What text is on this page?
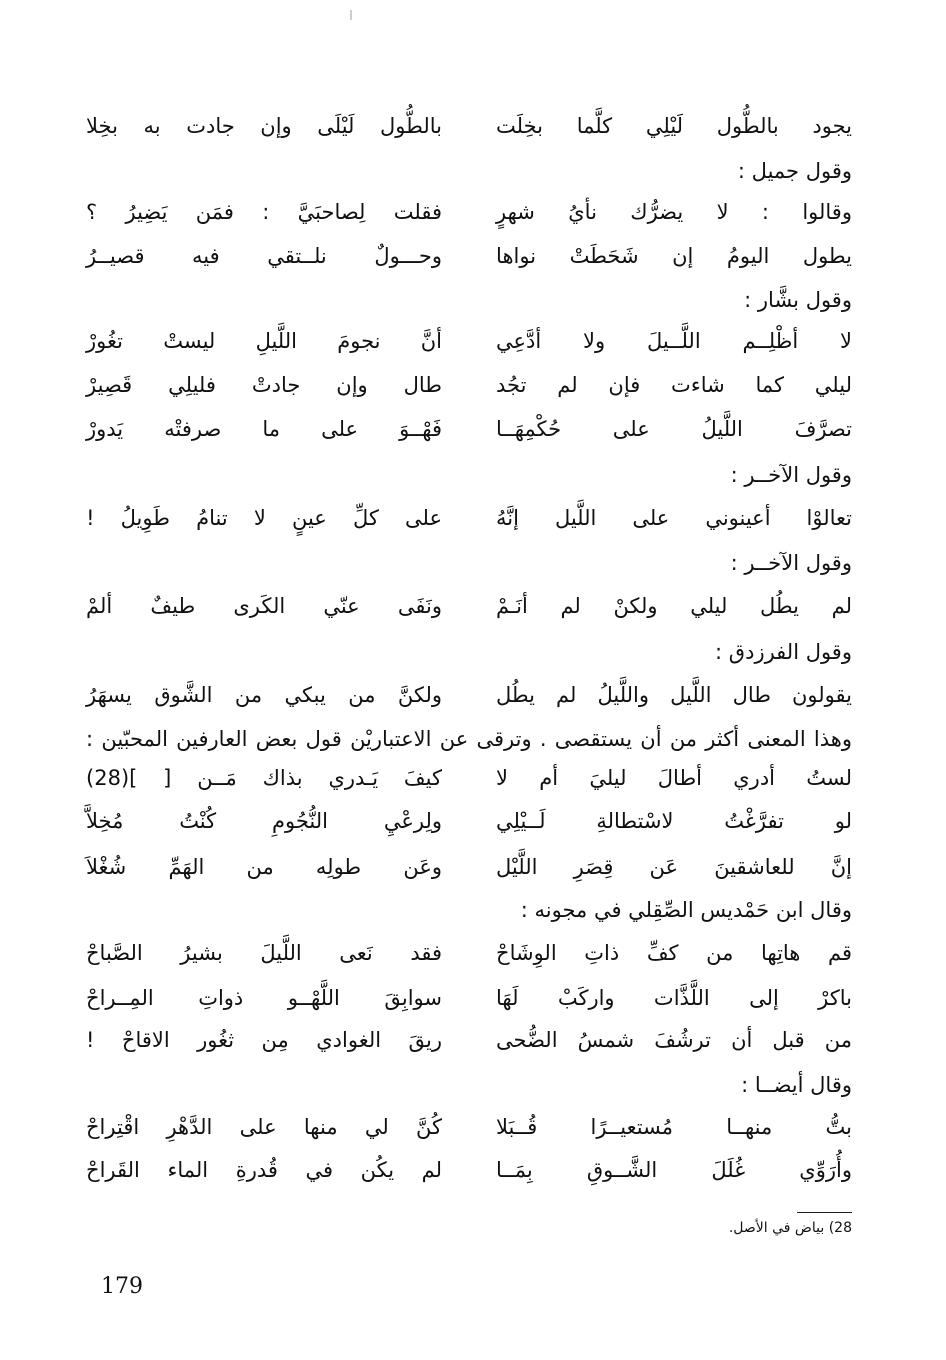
يجود
بالطُّول
لَيْلِي
كلَّما
بخِلَت
بالطُّول
لَيْلَى
وإن
جادت
به
بخِلا
وقول جميل :
وقالوا
:
لا
يضرُّك
نأيُ
شهرٍ
فقلت
لِصاحبَيَّ
:
فمَن
يَضِيرُ
؟
يطول
اليومُ
إن
شَحَطَتْ
نواها
وحـــولٌ
نلــتقي
فيه
قصيــرُ
وقول بشَّار :
لا
أظْلِــم
اللَّــيلَ
ولا
أدَّعِي
أنَّ
نجومَ
اللَّيلِ
ليستْ
تغُورْ
ليلي
كما
شاءت
فإن
لم
تجُد
طال
وإن
جادتْ
فليلِي
قَصِيرْ
تصرَّفَ
اللَّيلُ
على
حُكْمِهَــا
فَهْــوَ
على
ما
صرفتْه
يَدورْ
وقول الآخــر :
تعالوْا
أعينوني
على
اللَّيل
إنَّهُ
على
كلِّ
عينٍ
لا
تنامُ
طَوِيلُ
!
وقول الآخــر :
لم
يطُل
ليلي
ولكنْ
لم
أنَـمْ
ونَفَى
عنّي
الكَرى
طيفٌ
ألمْ
وقول الفرزدق :
يقولون
طال
اللَّيل
واللَّيلُ
لم
يطُل
ولكنَّ
من
يبكي
من
الشَّوق
يسهَرُ
وهذا المعنى أكثر من أن يستقصى . وترقى عن الاعتباريْن قول بعض العارفين المحبّين :
لستُ
أدري
أطالَ
ليليَ
أم
لا
كيفَ
يَـدري
بذاك
مَــن
[
](28)
لو
تفرَّغْتُ
لاسْتطالةِ
لَــيْلِي
ولِرعْيِ
النُّجُومِ
كُنْتُ
مُخِلاَّ
إنَّ
للعاشقينَ
عَن
قِصَرِ
اللَّيْل
وعَن
طولِه
من
الهَمِّ
شُغْلاَ
وقال ابن حَمْديس الصِّقِلي في مجونه :
قم
هاتِها
من
كفِّ
ذاتِ
الوِشَاحْ
فقد
نَعى
اللَّيلَ
بشيرُ
الصَّباحْ
باكرْ
إلى
اللَّذَّات
واركَبْ
لَهَا
سوابِقَ
اللَّهْــو
ذواتِ
المِــراحْ
من
قبل
أن
ترشُفَ
شمسُ
الضُّحى
ريقَ
الغوادي
مِن
ثغُور
الاقاحْ
!
وقال أيضــا :
بتُّ
منهــا
مُستعيــرًا
قُــبَلا
كُنَّ
لي
منها
على
الدَّهْرِ
اقْتِراحْ
وأُرَوِّي
غُلَلَ
الشَّــوقِ
بِمَــا
لم
يكُن
في
قُدرةِ
الماء
القَراحْ
28) بياض في الأصل.
179
